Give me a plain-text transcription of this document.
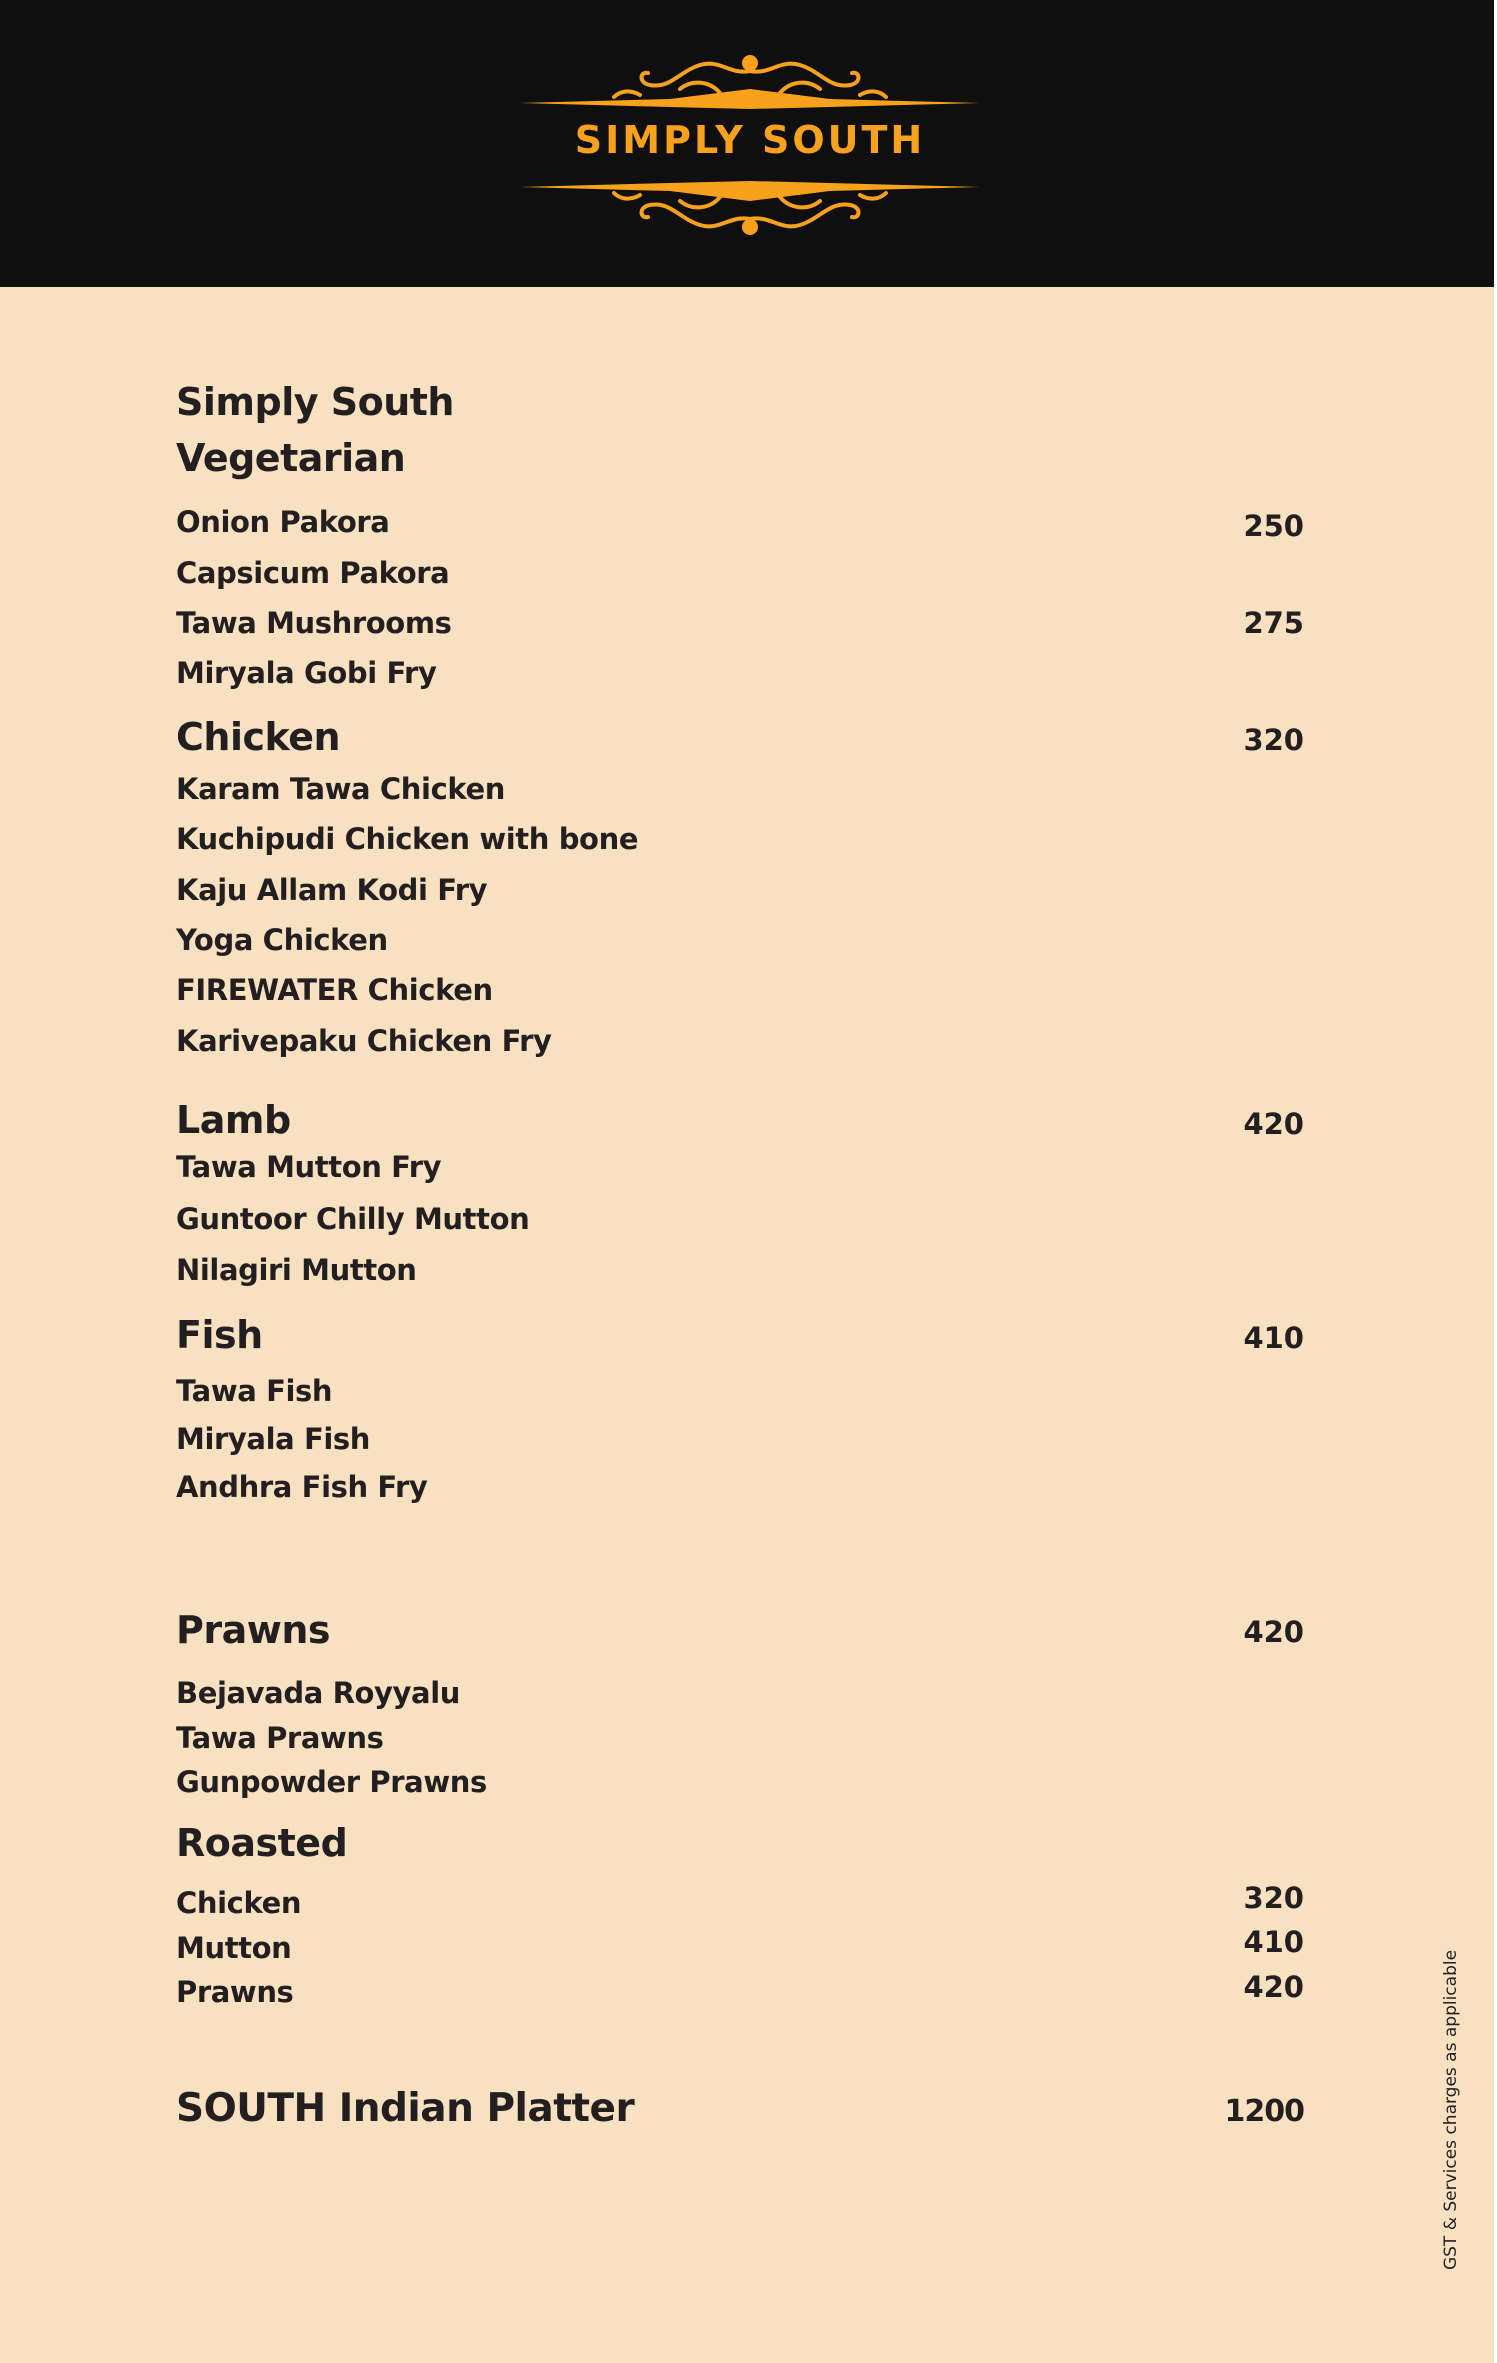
SIMPLY SOUTH
Simply South
Vegetarian
Onion Pakora	250
Capsicum Pakora
Tawa Mushrooms	275
Miryala Gobi Fry
Chicken	320
Karam Tawa Chicken
Kuchipudi Chicken with bone
Kaju Allam Kodi Fry
Yoga Chicken
FIREWATER Chicken
Karivepaku Chicken Fry
Lamb	420
Tawa Mutton Fry
Guntoor Chilly Mutton
Nilagiri Mutton
Fish	410
Tawa Fish
Miryala Fish
Andhra Fish Fry
Prawns	420
Bejavada Royyalu
Tawa Prawns
Gunpowder Prawns
Roasted
Chicken	320
Mutton	410
Prawns	420
SOUTH Indian Platter	1200	GST & Services charges as applicable
